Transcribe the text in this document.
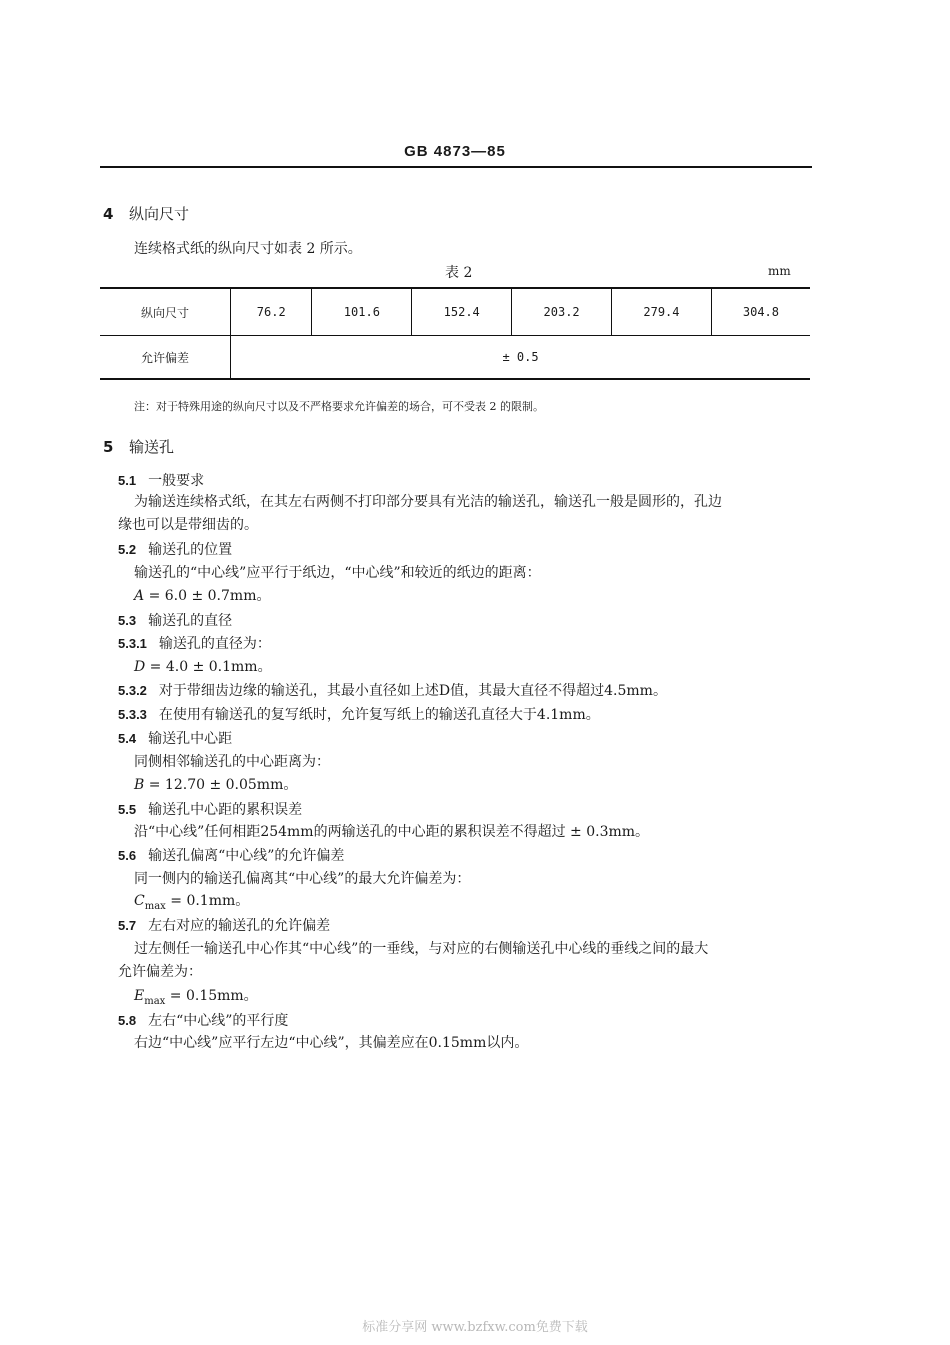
GB 4873—85
4 纵向尺寸
连续格式纸的纵向尺寸如表 2 所示。
表 2	mm
纵向尺寸	76.2	101.6	152.4	203.2	279.4	304.8
允许偏差	± 0.5					
注：对于特殊用途的纵向尺寸以及不严格要求允许偏差的场合，可不受表 2 的限制。
5 输送孔
5.1 一般要求
为输送连续格式纸，在其左右两侧不打印部分要具有光洁的输送孔，输送孔一般是圆形的，孔边
缘也可以是带细齿的。
5.2 输送孔的位置
输送孔的“中心线”应平行于纸边，“中心线”和较近的纸边的距离：
A = 6.0 ± 0.7mm。
5.3 输送孔的直径
5.3.1 输送孔的直径为：
D = 4.0 ± 0.1mm。
5.3.2 对于带细齿边缘的输送孔，其最小直径如上述D值，其最大直径不得超过4.5mm。
5.3.3 在使用有输送孔的复写纸时，允许复写纸上的输送孔直径大于4.1mm。
5.4 输送孔中心距
同侧相邻输送孔的中心距离为：
B = 12.70 ± 0.05mm。
5.5 输送孔中心距的累积误差
沿“中心线”任何相距254mm的两输送孔的中心距的累积误差不得超过 ± 0.3mm。
5.6 输送孔偏离“中心线”的允许偏差
同一侧内的输送孔偏离其“中心线”的最大允许偏差为：
$C_{max} = 0.1mm$。
5.7 左右对应的输送孔的允许偏差
过左侧任一输送孔中心作其“中心线”的一垂线，与对应的右侧输送孔中心线的垂线之间的最大
允许偏差为：
$E_{max} = 0.15mm$。
5.8 左右“中心线”的平行度
右边“中心线”应平行左边“中心线”，其偏差应在0.15mm以内。
标准分享网 www.bzfxw.com免费下载
